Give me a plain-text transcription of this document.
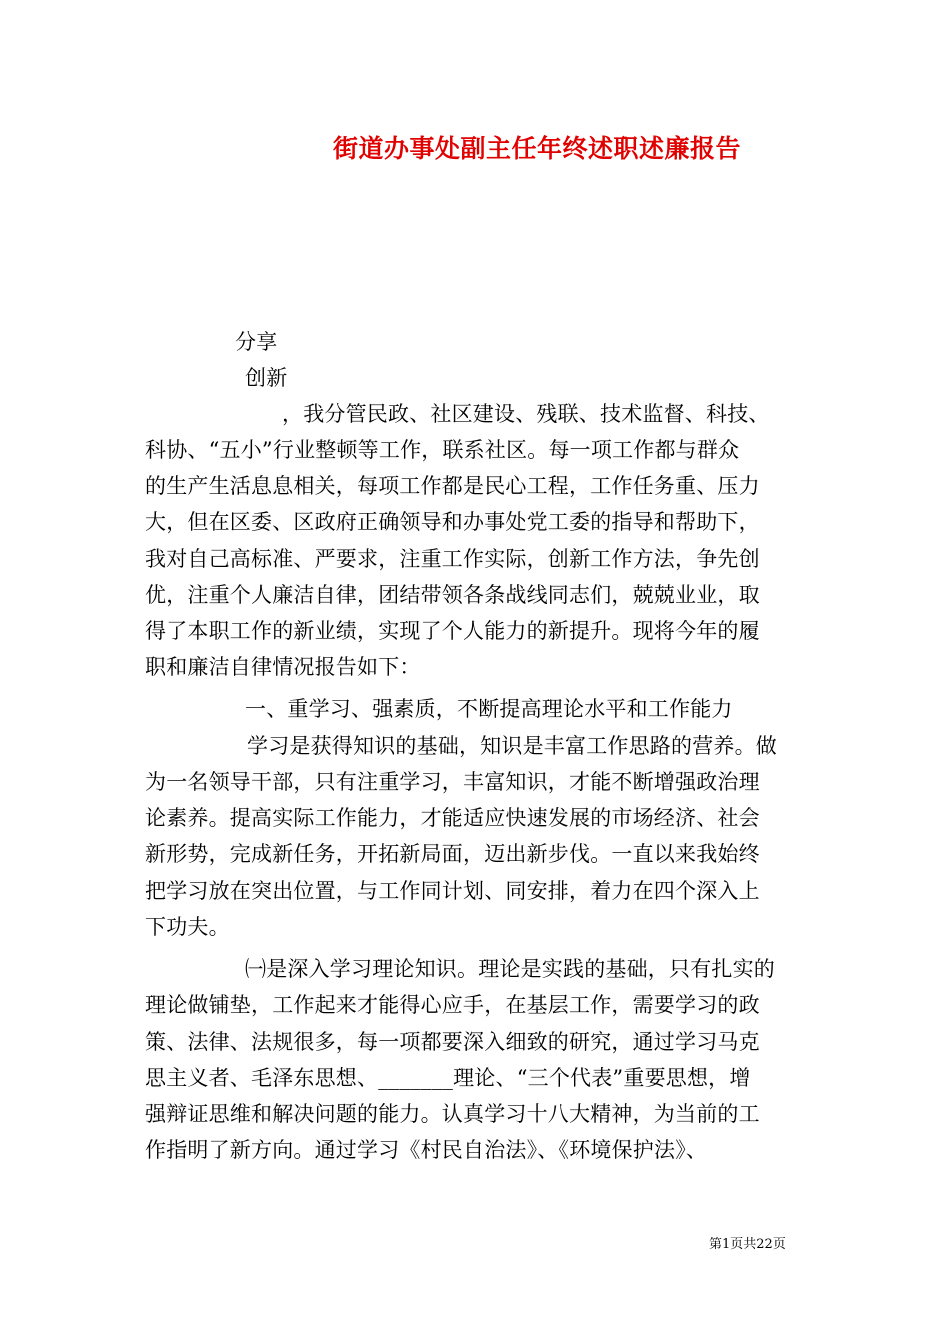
街道办事处副主任年终述职述廉报告
分享
创新
，我分管民政、社区建设、残联、技术监督、科技、
科协、“五小”行业整顿等工作，联系社区。每一项工作都与群众
的生产生活息息相关，每项工作都是民心工程，工作任务重、压力
大，但在区委、区政府正确领导和办事处党工委的指导和帮助下，
我对自己高标准、严要求，注重工作实际，创新工作方法，争先创
优，注重个人廉洁自律，团结带领各条战线同志们，兢兢业业，取
得了本职工作的新业绩，实现了个人能力的新提升。现将今年的履
职和廉洁自律情况报告如下：
一、重学习、强素质，不断提高理论水平和工作能力
学习是获得知识的基础，知识是丰富工作思路的营养。做
为一名领导干部，只有注重学习，丰富知识，才能不断增强政治理
论素养。提高实际工作能力，才能适应快速发展的市场经济、社会
新形势，完成新任务，开拓新局面，迈出新步伐。一直以来我始终
把学习放在突出位置，与工作同计划、同安排，着力在四个深入上
下功夫。
㈠是深入学习理论知识。理论是实践的基础，只有扎实的
理论做铺垫，工作起来才能得心应手，在基层工作，需要学习的政
策、法律、法规很多，每一项都要深入细致的研究，通过学习马克
思主义者、毛泽东思想、_______理论、“三个代表”重要思想，增
强辩证思维和解决问题的能力。认真学习十八大精神，为当前的工
作指明了新方向。通过学习《村民自治法》、《环境保护法》、
第1页共22页
